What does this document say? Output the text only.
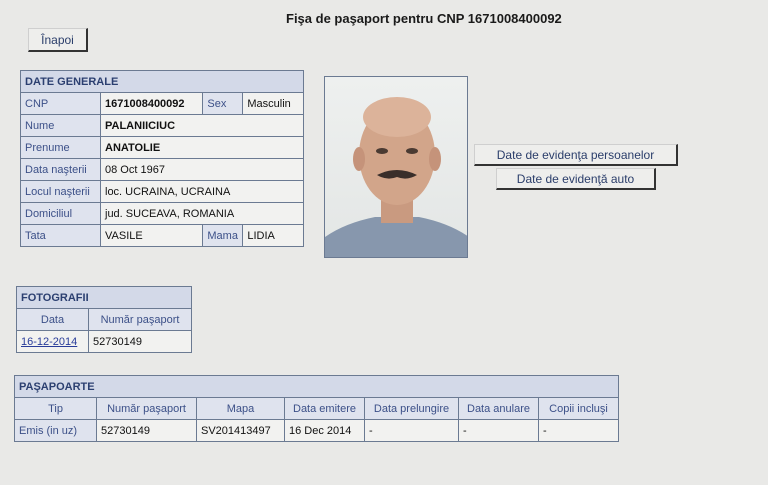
Fişa de paşaport pentru CNP 1671008400092
Înapoi
DATE GENERALE			
CNP	1671008400092	Sex	Masculin
Nume	PALANIICIUC		
Prenume	ANATOLIE		
Data naşterii	08 Oct 1967		
Locul naşterii	loc. UCRAINA, UCRAINA		
Domiciliul	jud. SUCEAVA, ROMANIA		
Tata	VASILE	Mama	LIDIA
Date de evidenţa persoanelor
Date de evidenţă auto
FOTOGRAFII	
Data	Număr paşaport
16-12-2014	52730149
PAŞAPOARTE						
Tip	Număr paşaport	Mapa	Data emitere	Data prelungire	Data anulare	Copii incluşi
Emis (in uz)	52730149	SV201413497	16 Dec 2014	-	-	-
